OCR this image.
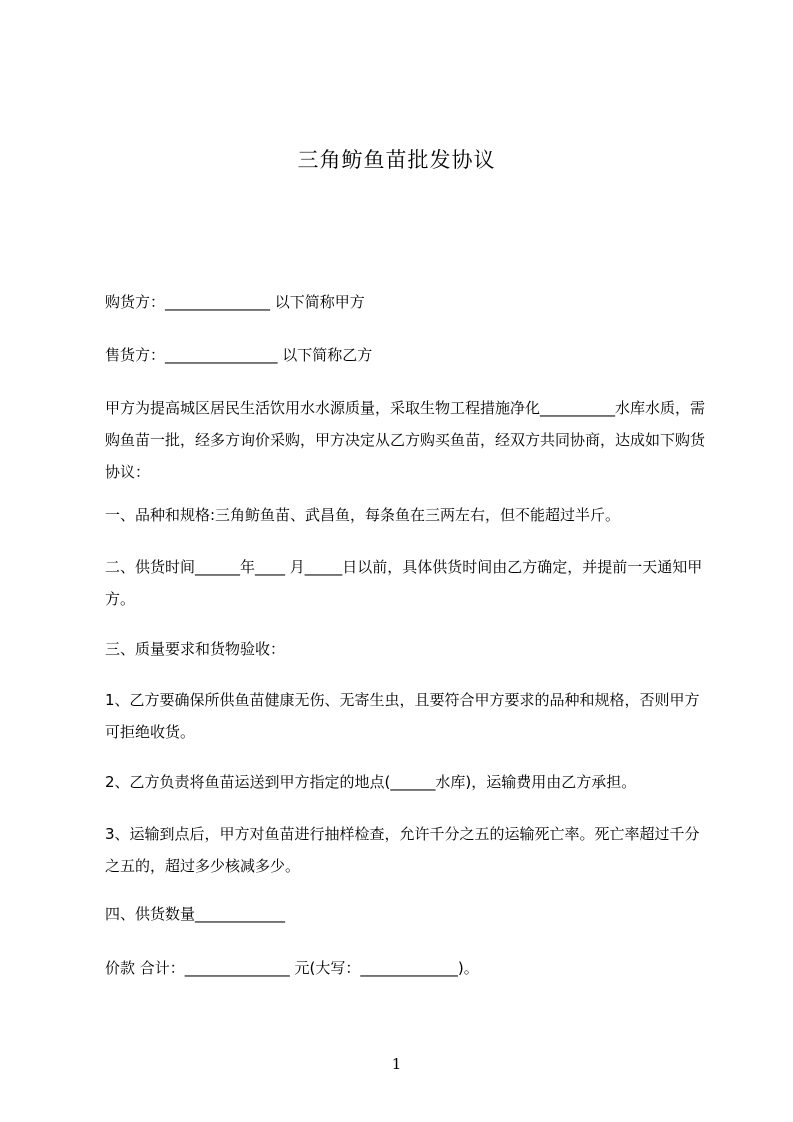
三角鲂鱼苗批发协议

购货方：______________ 以下简称甲方

售货方：_______________ 以下简称乙方

甲方为提高城区居民生活饮用水水源质量，采取生物工程措施净化__________水库水质，需购鱼苗一批，经多方询价采购，甲方决定从乙方购买鱼苗，经双方共同协商，达成如下购货协议：

一、品种和规格:三角鲂鱼苗、武昌鱼，每条鱼在三两左右，但不能超过半斤。

二、供货时间______年____ 月_____日以前，具体供货时间由乙方确定，并提前一天通知甲方。

三、质量要求和货物验收：

1、乙方要确保所供鱼苗健康无伤、无寄生虫，且要符合甲方要求的品种和规格，否则甲方可拒绝收货。

2、乙方负责将鱼苗运送到甲方指定的地点(______水库)，运输费用由乙方承担。

3、运输到点后，甲方对鱼苗进行抽样检查，允许千分之五的运输死亡率。死亡率超过千分之五的，超过多少核减多少。

四、供货数量____________

价款 合计：______________ 元(大写：_____________)。

1
